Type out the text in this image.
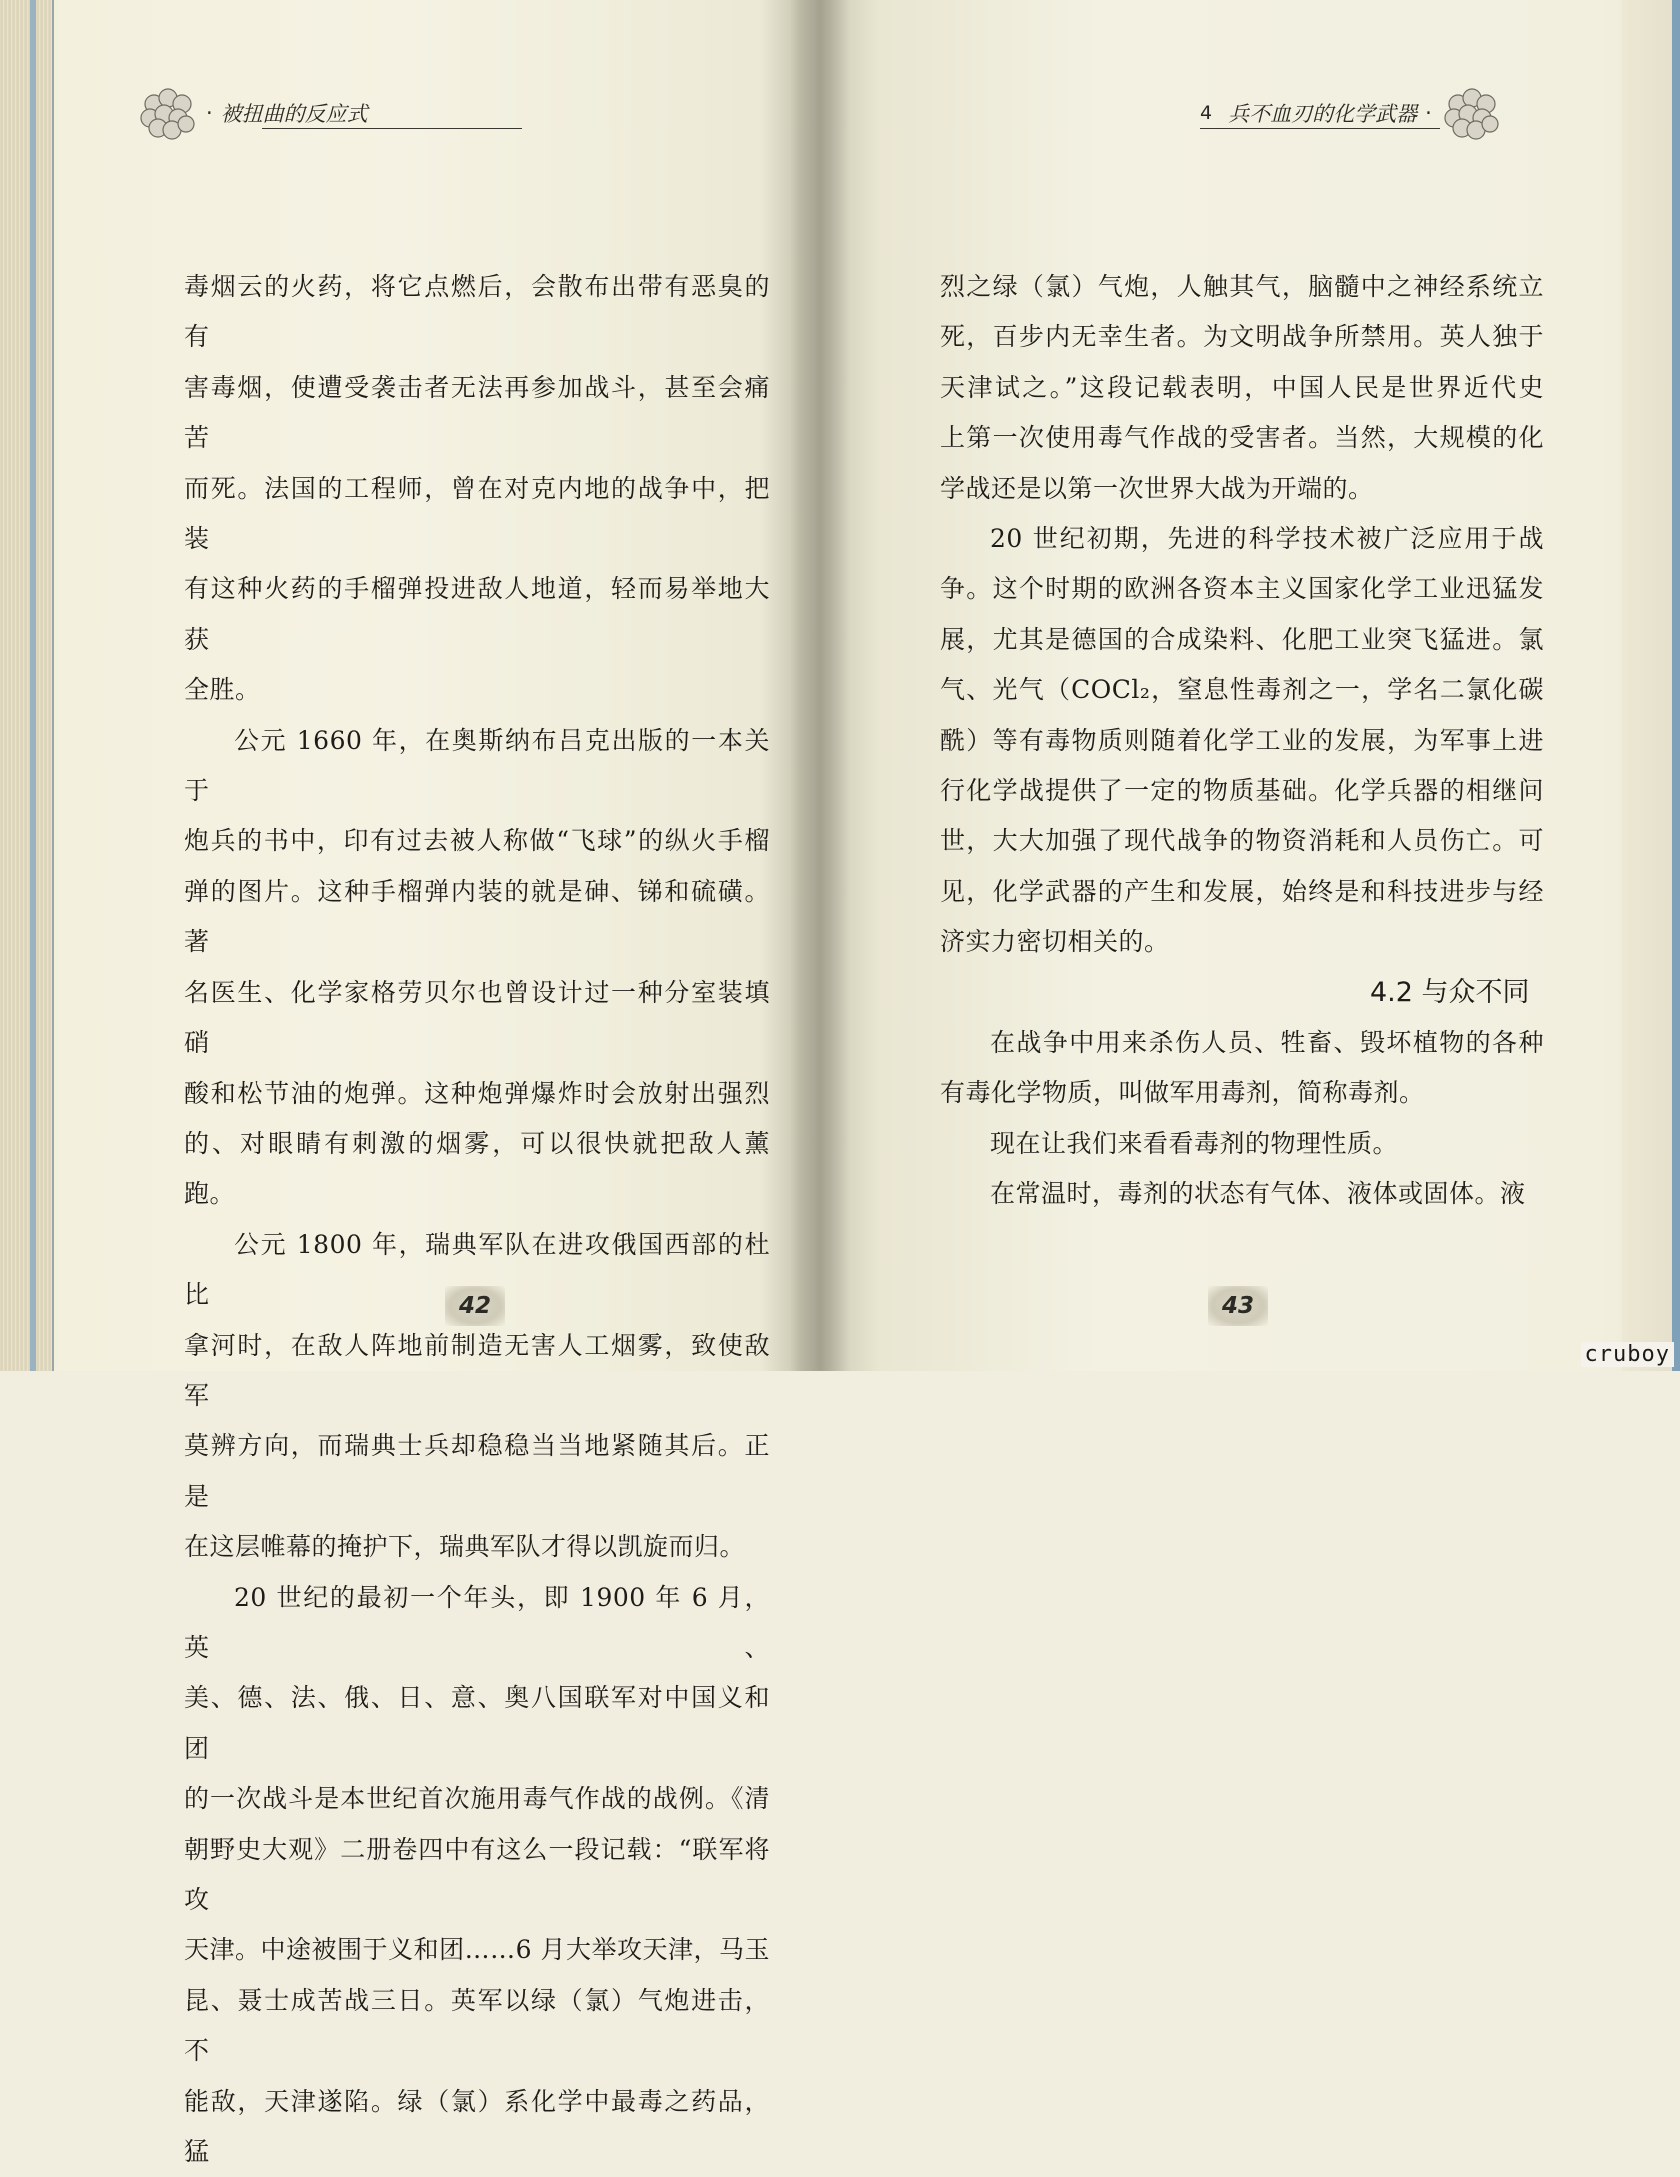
· 被扭曲的反应式

毒烟云的火药，将它点燃后，会散布出带有恶臭的有

害毒烟，使遭受袭击者无法再参加战斗，甚至会痛苦

而死。法国的工程师，曾在对克内地的战争中，把装

有这种火药的手榴弹投进敌人地道，轻而易举地大获

全胜。

公元 1660 年，在奥斯纳布吕克出版的一本关于

炮兵的书中，印有过去被人称做“飞球”的纵火手榴

弹的图片。这种手榴弹内装的就是砷、锑和硫磺。著

名医生、化学家格劳贝尔也曾设计过一种分室装填硝

酸和松节油的炮弹。这种炮弹爆炸时会放射出强烈

的、对眼睛有刺激的烟雾，可以很快就把敌人薰跑。

公元 1800 年，瑞典军队在进攻俄国西部的杜比

拿河时，在敌人阵地前制造无害人工烟雾，致使敌军

莫辨方向，而瑞典士兵却稳稳当当地紧随其后。正是

在这层帷幕的掩护下，瑞典军队才得以凯旋而归。

20 世纪的最初一个年头，即 1900 年 6 月，英、

美、德、法、俄、日、意、奥八国联军对中国义和团

的一次战斗是本世纪首次施用毒气作战的战例。《清

朝野史大观》二册卷四中有这么一段记载：“联军将攻

天津。中途被围于义和团……6 月大举攻天津，马玉

昆、聂士成苦战三日。英军以绿（氯）气炮进击，不

能敌，天津遂陷。绿（氯）系化学中最毒之药品，猛

42
4 兵不血刃的化学武器 ·

烈之绿（氯）气炮，人触其气，脑髓中之神经系统立

死，百步内无幸生者。为文明战争所禁用。英人独于

天津试之。”这段记载表明，中国人民是世界近代史

上第一次使用毒气作战的受害者。当然，大规模的化

学战还是以第一次世界大战为开端的。

20 世纪初期，先进的科学技术被广泛应用于战

争。这个时期的欧洲各资本主义国家化学工业迅猛发

展，尤其是德国的合成染料、化肥工业突飞猛进。氯

气、光气（COCl₂，窒息性毒剂之一，学名二氯化碳

酰）等有毒物质则随着化学工业的发展，为军事上进

行化学战提供了一定的物质基础。化学兵器的相继问

世，大大加强了现代战争的物资消耗和人员伤亡。可

见，化学武器的产生和发展，始终是和科技进步与经

济实力密切相关的。

4.2 与众不同

在战争中用来杀伤人员、牲畜、毁坏植物的各种

有毒化学物质，叫做军用毒剂，简称毒剂。

现在让我们来看看毒剂的物理性质。

在常温时，毒剂的状态有气体、液体或固体。液

43
cruboy
